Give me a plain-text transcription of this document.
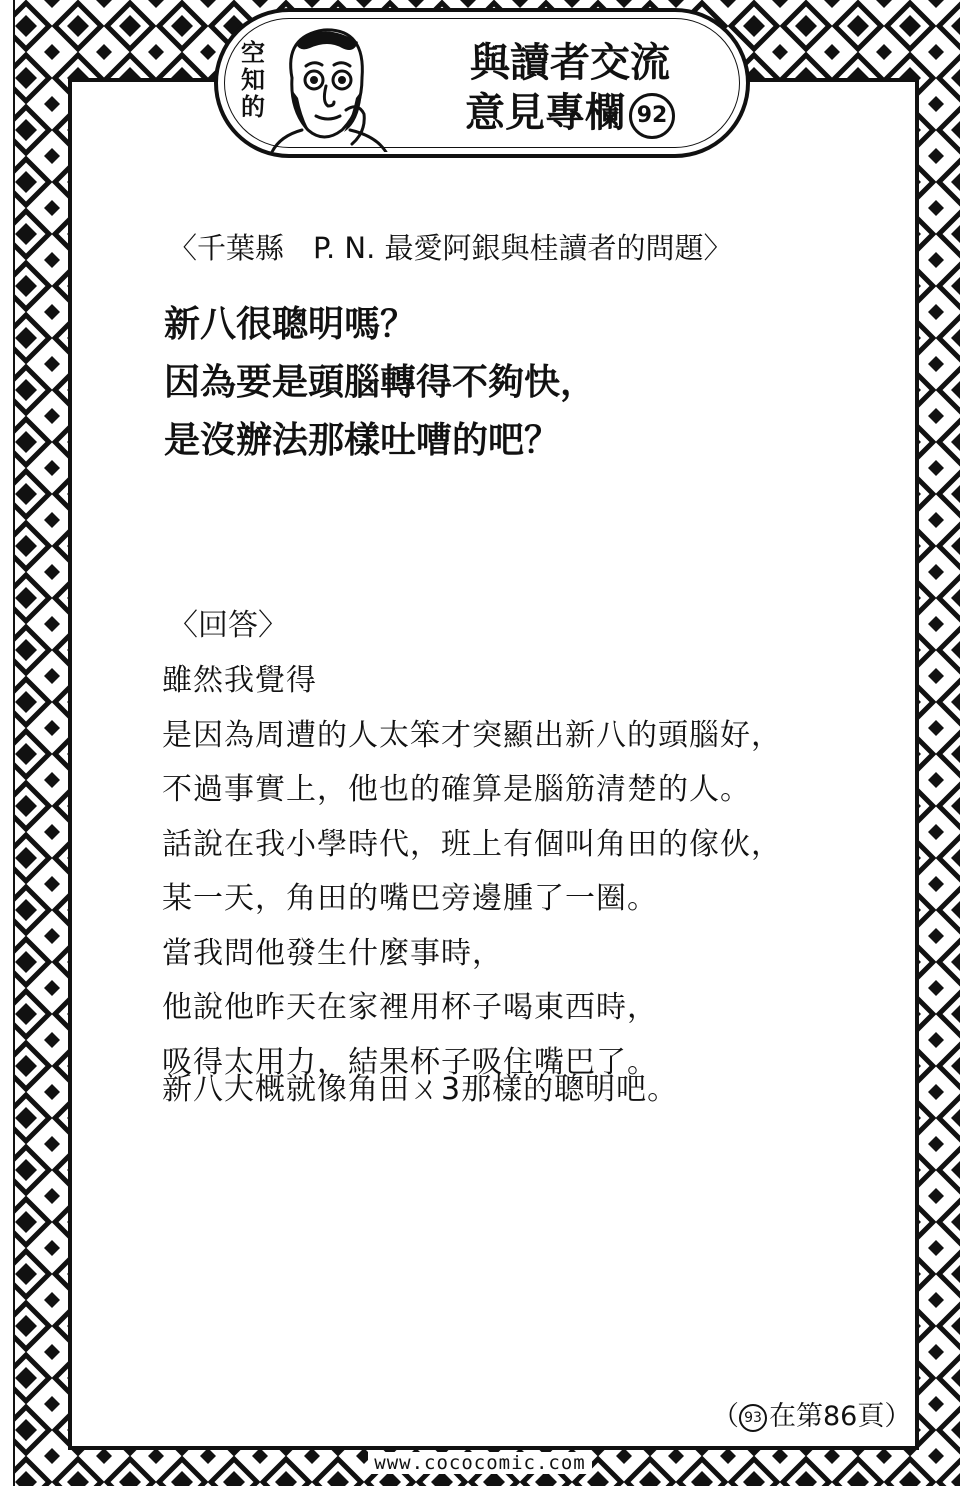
空
知
的
與讀者交流
意見專欄 92
〈千葉縣　P. N. 最愛阿銀與桂讀者的問題〉
新八很聰明嗎？
因為要是頭腦轉得不夠快，
是沒辦法那樣吐嘈的吧？
〈回答〉
雖然我覺得
是因為周遭的人太笨才突顯出新八的頭腦好，
不過事實上，他也的確算是腦筋清楚的人。
話說在我小學時代，班上有個叫角田的傢伙，
某一天，角田的嘴巴旁邊腫了一圈。
當我問他發生什麼事時，
他說他昨天在家裡用杯子喝東西時，
吸得太用力，結果杯子吸住嘴巴了。
新八大概就像角田ㄨ3那樣的聰明吧。
（ 93 在第86頁）
www.cococomic.com
